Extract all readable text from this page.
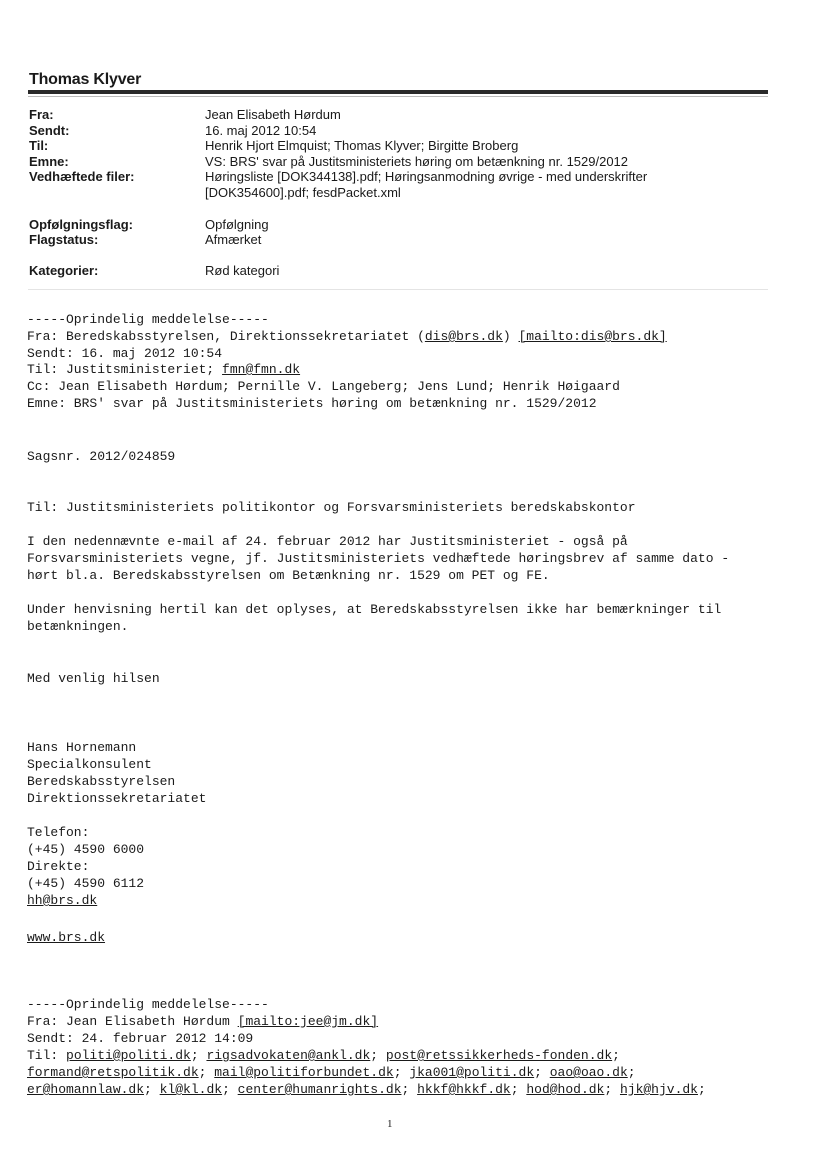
Thomas Klyver
Fra:	Jean Elisabeth Hørdum
Sendt:	16. maj 2012 10:54
Til:	Henrik Hjort Elmquist; Thomas Klyver; Birgitte Broberg
Emne:	VS: BRS' svar på Justitsministeriets høring om betænkning nr. 1529/2012
Vedhæftede filer:	Høringsliste [DOK344138].pdf; Høringsanmodning øvrige - med underskrifter
[DOK354600].pdf; fesdPacket.xml
Opfølgningsflag:	Opfølgning
Flagstatus:	Afmærket
Kategorier:	Rød kategori
-----Oprindelig meddelelse-----
Fra: Beredskabsstyrelsen, Direktionssekretariatet (dis@brs.dk) [mailto:dis@brs.dk]
Sendt: 16. maj 2012 10:54
Til: Justitsministeriet; fmn@fmn.dk
Cc: Jean Elisabeth Hørdum; Pernille V. Langeberg; Jens Lund; Henrik Høigaard
Emne: BRS' svar på Justitsministeriets høring om betænkning nr. 1529/2012
Sagsnr. 2012/024859
Til: Justitsministeriets politikontor og Forsvarsministeriets beredskabskontor
I den nedennævnte e-mail af 24. februar 2012 har Justitsministeriet - også på
Forsvarsministeriets vegne, jf. Justitsministeriets vedhæftede høringsbrev af samme dato -
hørt bl.a. Beredskabsstyrelsen om Betænkning nr. 1529 om PET og FE.
Under henvisning hertil kan det oplyses, at Beredskabsstyrelsen ikke har bemærkninger til
betænkningen.
Med venlig hilsen
Hans Hornemann
Specialkonsulent
Beredskabsstyrelsen
Direktionssekretariatet
Telefon:
(+45) 4590 6000
Direkte:
(+45) 4590 6112
hh@brs.dk
www.brs.dk
-----Oprindelig meddelelse-----
Fra: Jean Elisabeth Hørdum [mailto:jee@jm.dk]
Sendt: 24. februar 2012 14:09
Til: politi@politi.dk; rigsadvokaten@ankl.dk; post@retssikkerheds-fonden.dk;
formand@retspolitik.dk; mail@politiforbundet.dk; jka001@politi.dk; oao@oao.dk;
er@homannlaw.dk; kl@kl.dk; center@humanrights.dk; hkkf@hkkf.dk; hod@hod.dk; hjk@hjv.dk;
1
